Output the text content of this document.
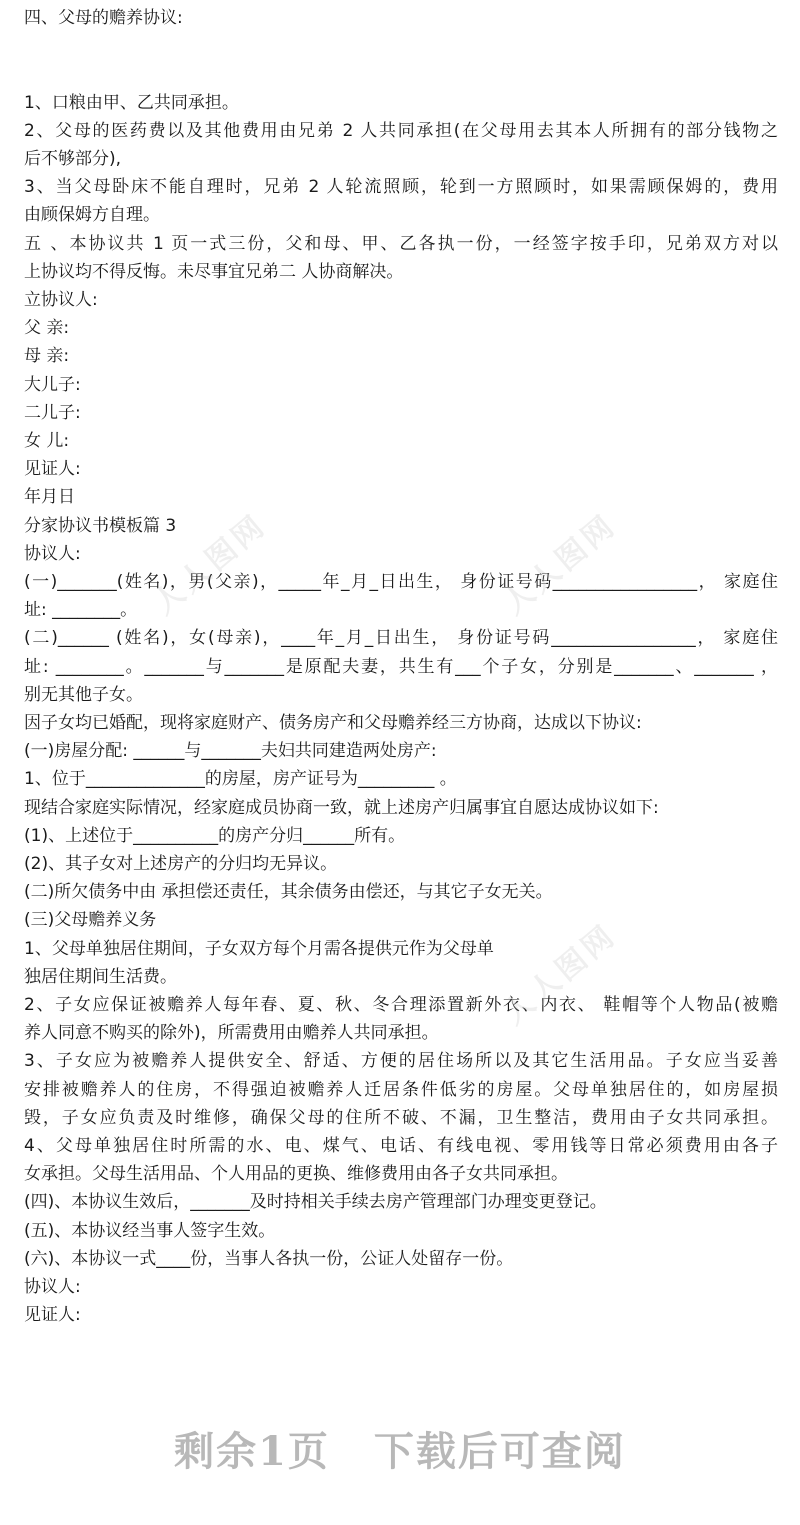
四、父母的赡养协议:
1、口粮由甲、乙共同承担。
2、父母的医药费以及其他费用由兄弟 2 人共同承担(在父母用去其本人所拥有的部分钱物之
后不够部分),
3、当父母卧床不能自理时，兄弟 2 人轮流照顾，轮到一方照顾时，如果需顾保姆的，费用
由顾保姆方自理。
五 、本协议共 1 页一式三份，父和母、甲、乙各执一份，一经签字按手印，兄弟双方对以
上协议均不得反悔。未尽事宜兄弟二 人协商解决。
立协议人:
父 亲:
母 亲:
大儿子:
二儿子:
女 儿:
见证人:
年月日
分家协议书模板篇 3
协议人:
(一)_______(姓名)，男(父亲)，_____年_月_日出生， 身份证号码_________________， 家庭住
址: ________。
(二)______ (姓名)，女(母亲)，____年_月_日出生， 身份证号码_________________， 家庭住
址: ________。_______与_______是原配夫妻，共生有___个子女，分别是_______、_______ ，
别无其他子女。
因子女均已婚配，现将家庭财产、债务房产和父母赡养经三方协商，达成以下协议:
(一)房屋分配: ______与_______夫妇共同建造两处房产:
1、位于______________的房屋，房产证号为_________ 。
现结合家庭实际情况，经家庭成员协商一致，就上述房产归属事宜自愿达成协议如下:
(1)、上述位于__________的房产分归______所有。
(2)、其子女对上述房产的分归均无异议。
(二)所欠债务中由 承担偿还责任，其余债务由偿还，与其它子女无关。
(三)父母赡养义务
1、父母单独居住期间，子女双方每个月需各提供元作为父母单
独居住期间生活费。
2、子女应保证被赡养人每年春、夏、秋、冬合理添置新外衣、内衣、 鞋帽等个人物品(被赡
养人同意不购买的除外)，所需费用由赡养人共同承担。
3、子女应为被赡养人提供安全、舒适、方便的居住场所以及其它生活用品。子女应当妥善
安排被赡养人的住房，不得强迫被赡养人迁居条件低劣的房屋。父母单独居住的，如房屋损
毁，子女应负责及时维修，确保父母的住所不破、不漏，卫生整洁，费用由子女共同承担。
4、父母单独居住时所需的水、电、煤气、电话、有线电视、零用钱等日常必须费用由各子
女承担。父母生活用品、个人用品的更换、维修费用由各子女共同承担。
(四)、本协议生效后，_______及时持相关手续去房产管理部门办理变更登记。
(五)、本协议经当事人签字生效。
(六)、本协议一式____份，当事人各执一份，公证人处留存一份。
协议人:
见证人:
人人图网	人人图网
人人图网
剩余1页 下载后可查阅
